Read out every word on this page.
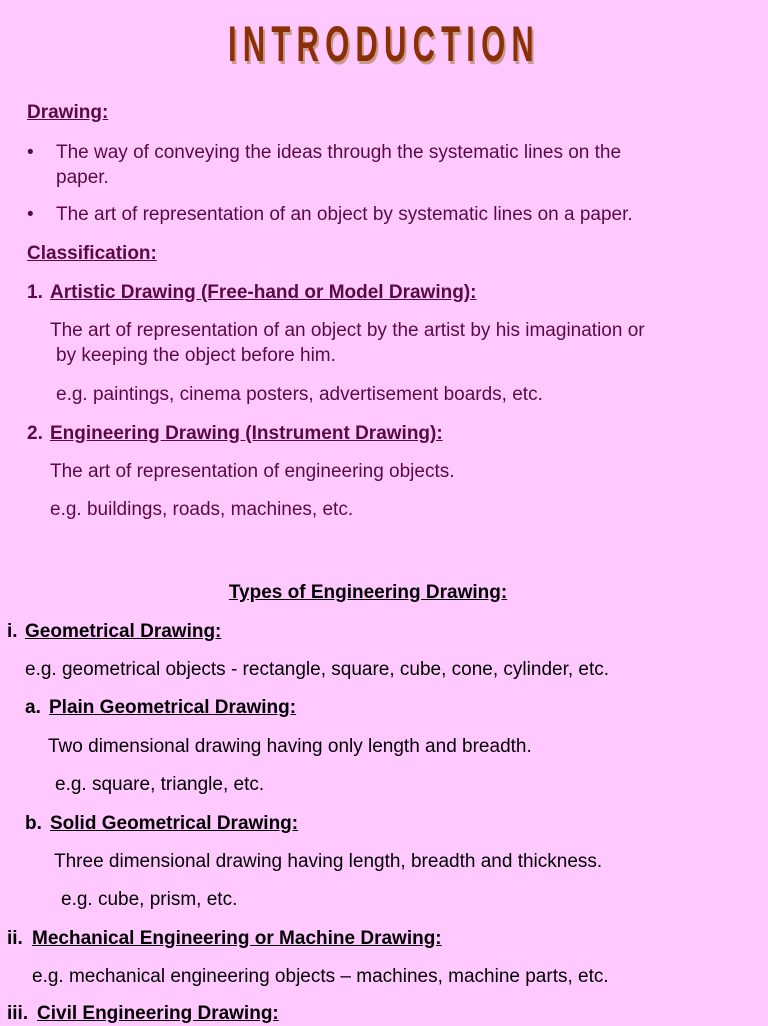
INTRODUCTION
Drawing:
• The way of conveying the ideas through the systematic lines on the
paper.
• The art of representation of an object by systematic lines on a paper.
Classification:
1. Artistic Drawing (Free-hand or Model Drawing):
The art of representation of an object by the artist by his imagination or
by keeping the object before him.
e.g. paintings, cinema posters, advertisement boards, etc.
2. Engineering Drawing (Instrument Drawing):
The art of representation of engineering objects.
e.g. buildings, roads, machines, etc.
Types of Engineering Drawing:
i. Geometrical Drawing:
e.g. geometrical objects - rectangle, square, cube, cone, cylinder, etc.
a. Plain Geometrical Drawing:
Two dimensional drawing having only length and breadth.
e.g. square, triangle, etc.
b. Solid Geometrical Drawing:
Three dimensional drawing having length, breadth and thickness.
e.g. cube, prism, etc.
ii. Mechanical Engineering or Machine Drawing:
e.g. mechanical engineering objects – machines, machine parts, etc.
iii. Civil Engineering Drawing:
